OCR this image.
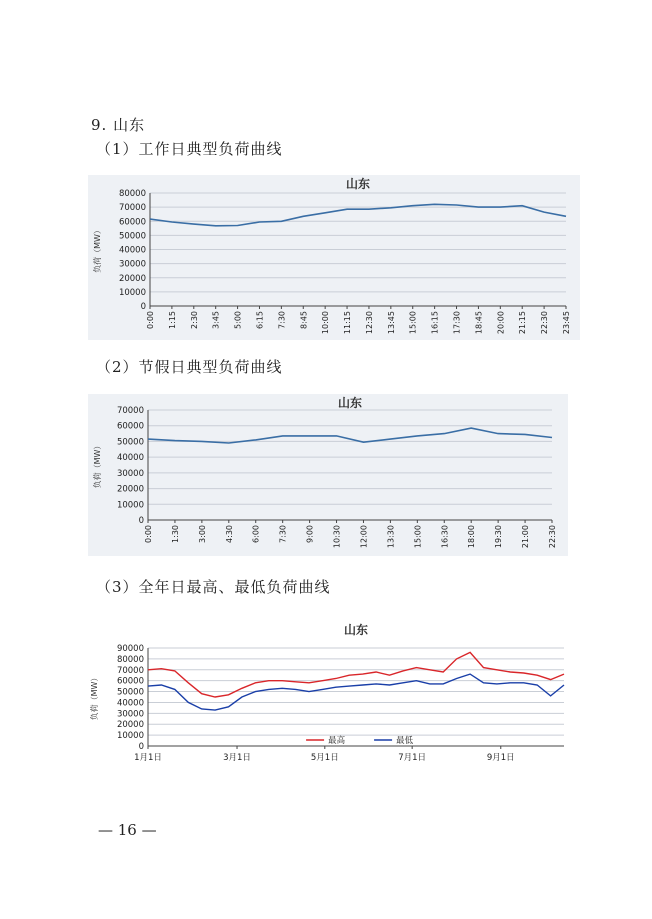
9. 山东
（1）工作日典型负荷曲线
山东
0
10000
20000
30000
40000
50000
60000
70000
80000
负荷（MW）
0:00 1:15 2:30 3:45 5:00 6:15 7:30 8:45 10:00 11:15 12:30 13:45 15:00 16:15 17:30 18:45 20:00 21:15 22:30 23:45
（2）节假日典型负荷曲线
山东
0
10000
20000
30000
40000
50000
60000
70000
负荷（MW）
0:00 1:30 3:00 4:30 6:00 7:30 9:00 10:30 12:00 13:30 15:00 16:30 18:00 19:30 21:00 22:30
（3）全年日最高、最低负荷曲线
山东
0
10000
20000
30000
40000
50000
60000
70000
80000
90000
负荷（MW）
1月1日	3月1日	5月1日	7月1日	9月1日
最高	最低
— 16 —
